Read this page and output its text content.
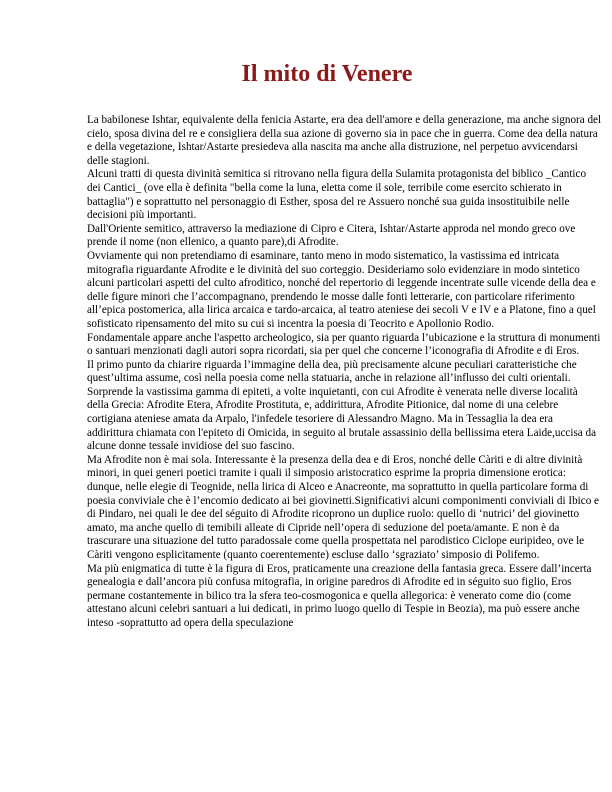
Il mito di Venere

La babilonese Ishtar, equivalente della fenicia Astarte, era dea dell'amore e della generazione, ma anche signora del cielo, sposa divina del re e consigliera della sua azione di governo sia in pace che in guerra. Come dea della natura e della vegetazione, Ishtar/Astarte presiedeva alla nascita ma anche alla distruzione, nel perpetuo avvicendarsi delle stagioni.

Alcuni tratti di questa divinità semitica si ritrovano nella figura della Sulamita protagonista del biblico _Cantico dei Cantici_ (ove ella è definita "bella come la luna, eletta come il sole, terribile come esercito schierato in battaglia") e soprattutto nel personaggio di Esther, sposa del re Assuero nonché sua guida insostituibile nelle decisioni più importanti.

Dall'Oriente semitico, attraverso la mediazione di Cipro e Citera, Ishtar/Astarte approda nel mondo greco ove prende il nome (non ellenico, a quanto pare),di Afrodite.

Ovviamente qui non pretendiamo di esaminare, tanto meno in modo sistematico, la vastissima ed intricata mitografia riguardante Afrodite e le divinità del suo corteggio. Desideriamo solo evidenziare in modo sintetico alcuni particolari aspetti del culto afroditico, nonché del repertorio di leggende incentrate sulle vicende della dea e delle figure minori che l’accompagnano, prendendo le mosse dalle fonti letterarie, con particolare riferimento all’epica postomerica, alla lirica arcaica e tardo-arcaica, al teatro ateniese dei secoli V e IV e a Platone, fino a quel sofisticato ripensamento del mito su cui si incentra la poesia di Teocrito e Apollonio Rodio.

Fondamentale appare anche l'aspetto archeologico, sia per quanto riguarda l’ubicazione e la struttura di monumenti o santuari menzionati dagli autori sopra ricordati, sia per quel che concerne l’iconografia di Afrodite e di Eros.

Il primo punto da chiarire riguarda l’immagine della dea, più precisamente alcune peculiari caratteristiche che quest’ultima assume, così nella poesia come nella statuaria, anche in relazione all’influsso dei culti orientali. Sorprende la vastissima gamma di epiteti, a volte inquietanti, con cui Afrodite è venerata nelle diverse località della Grecia: Afrodite Etera, Afrodite Prostituta, e, addirittura, Afrodite Pitionice, dal nome di una celebre cortigiana ateniese amata da Arpalo, l'infedele tesoriere di Alessandro Magno. Ma in Tessaglia la dea era addirittura chiamata con l'epiteto di Omicida, in seguito al brutale assassinio della bellissima etera Laide,uccisa da alcune donne tessale invidiose del suo fascino.

Ma Afrodite non è mai sola. Interessante è la presenza della dea e di Eros, nonché delle Càriti e di altre divinità minori, in quei generi poetici tramite i quali il simposio aristocratico esprime la propria dimensione erotica: dunque, nelle elegie di Teognide, nella lirica di Alceo e Anacreonte, ma soprattutto in quella particolare forma di poesia conviviale che è l’encomio dedicato ai bei giovinetti.Significativi alcuni componimenti conviviali di Ibico e di Pindaro, nei quali le dee del séguito di Afrodite ricoprono un duplice ruolo: quello di ‘nutrici’ del giovinetto amato, ma anche quello di temibili alleate di Cipride nell’opera di seduzione del poeta/amante. E non è da trascurare una situazione del tutto paradossale come quella prospettata nel parodistico Ciclope euripideo, ove le Càriti vengono esplicitamente (quanto coerentemente) escluse dallo ‘sgraziato’ simposio di Polifemo.

Ma più enigmatica di tutte è la figura di Eros, praticamente una creazione della fantasia greca. Essere dall’incerta genealogia e dall’ancora più confusa mitografia, in origine paredros di Afrodite ed in séguito suo figlio, Eros permane costantemente in bilico tra la sfera teo-cosmogonica e quella allegorica: è venerato come dio (come attestano alcuni celebri santuari a lui dedicati, in primo luogo quello di Tespie in Beozia), ma può essere anche inteso -soprattutto ad opera della speculazione
